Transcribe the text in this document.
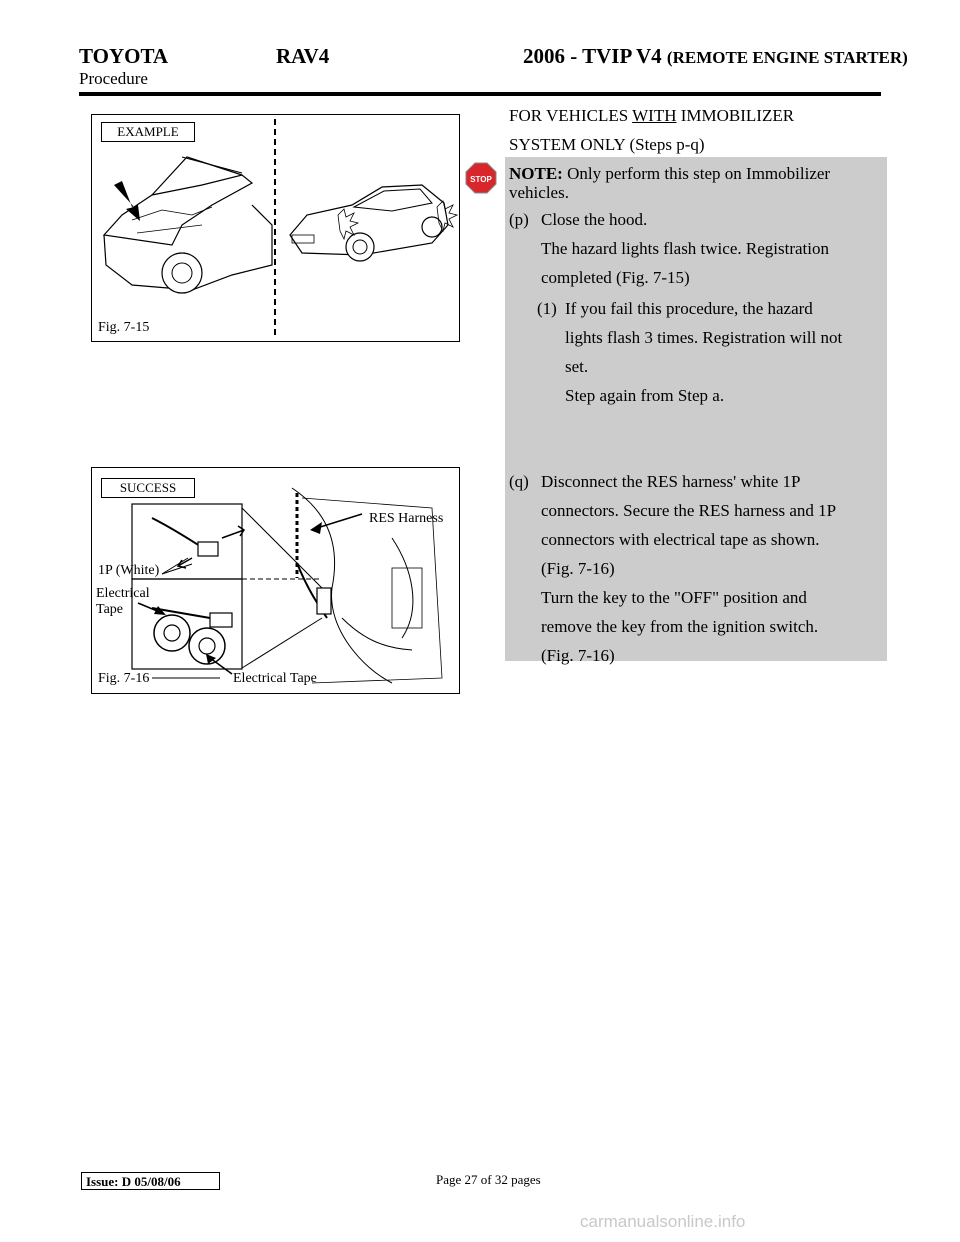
TOYOTA	RAV4	2006 - TVIP V4 (REMOTE ENGINE STARTER)
Procedure
EXAMPLE
Fig. 7-15
FOR VEHICLES WITH IMMOBILIZER
SYSTEM ONLY (Steps p-q)
STOP NOTE: Only perform this step on Immobilizer vehicles.
(p) Close the hood.
The hazard lights flash twice. Registration
completed (Fig. 7-15)
(1) If you fail this procedure, the hazard
lights flash 3 times. Registration will not
set.
Step again from Step a.
(q) Disconnect the RES harness' white 1P
connectors. Secure the RES harness and 1P
connectors with electrical tape as shown.
(Fig. 7-16)
Turn the key to the "OFF" position and
remove the key from the ignition switch.
(Fig. 7-16)
SUCCESS
RES Harness
1P (White)
Electrical
Tape
Fig. 7-16	Electrical Tape
Issue: D 05/08/06	Page 27 of 32 pages
carmanualsonline.info
